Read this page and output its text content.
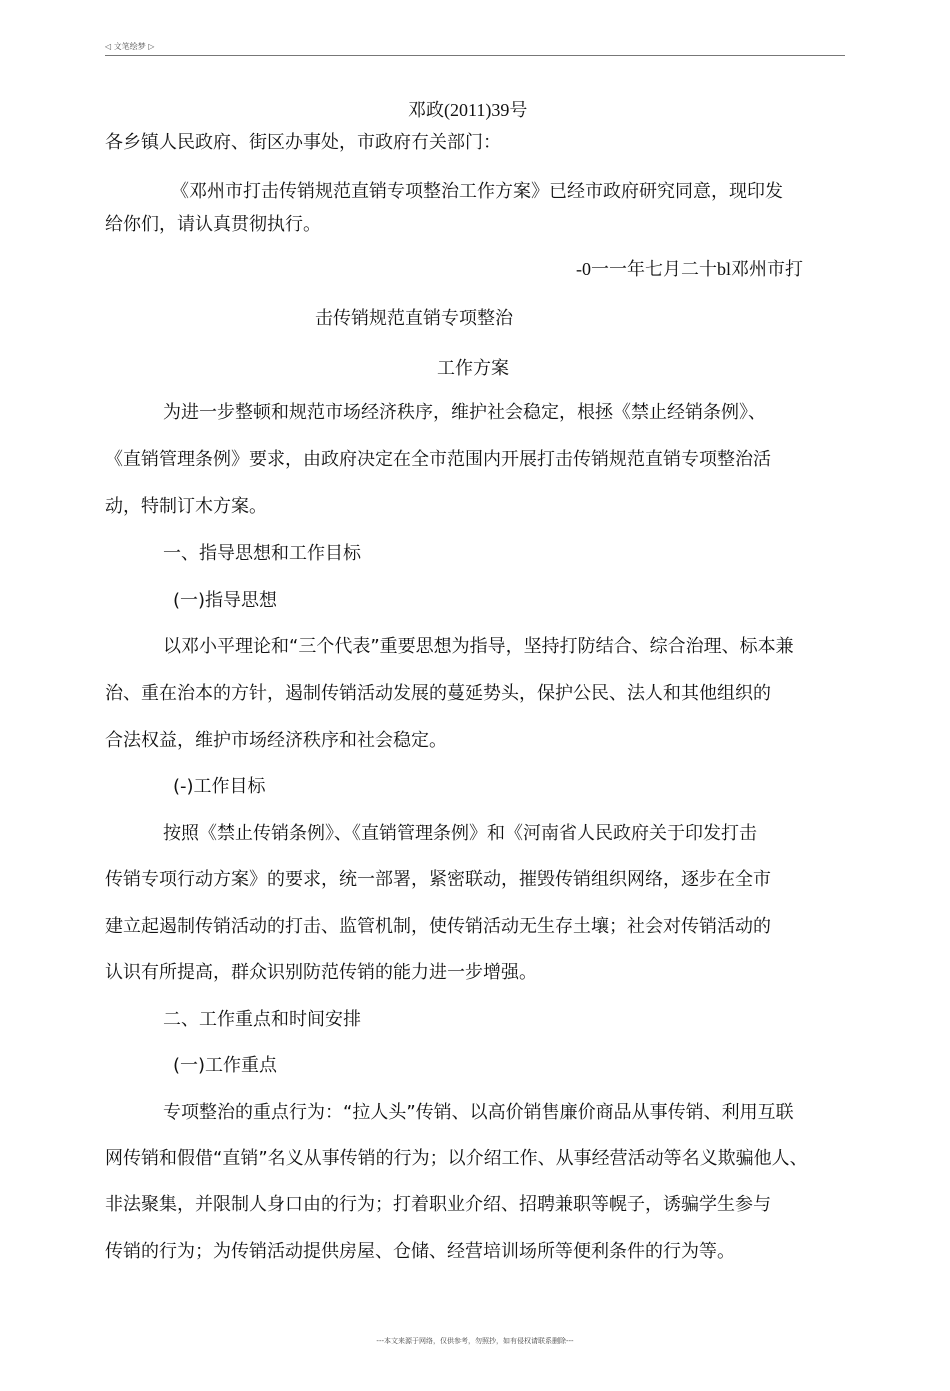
◁ 文笔绘梦 ▷
邓政(2011)39号
各乡镇人民政府、街区办事处，市政府冇关部门：
《邓州市打击传销规范直销专项整治工作方案》已经市政府研究同意，现印发
给你们，请认真贯彻执行。
-0一一年七月二十bl邓州市打
击传销规范直销专项整治
工作方案
为进一步整顿和规范市场经济秩序，维护社会稳定，根拯《禁止经销条例》、
《直销管理条例》要求，由政府决定在全市范围内开展打击传销规范直销专项整治活
动，特制订木方案。
一、指导思想和工作目标
(一)指导思想
以邓小平理论和“三个代表”重要思想为指导，坚持打防结合、综合治理、标本兼
治、重在治本的方针，遏制传销活动发展的蔓延势头，保护公民、法人和其他组织的
合法权益，维护市场经济秩序和社会稳定。
(-)工作目标
按照《禁止传销条例》、《直销管理条例》和《河南省人民政府关于印发打击
传销专项行动方案》的要求，统一部署，紧密联动，摧毁传销组织网络，逐步在全市
建立起遏制传销活动的打击、监管机制，使传销活动无生存土壤；社会对传销活动的
认识有所提高，群众识别防范传销的能力进一步增强。
二、工作重点和时间安排
(一)工作重点
专项整治的重点行为：“拉人头”传销、以高价销售廉价商品从事传销、利用互联
网传销和假借“直销”名义从事传销的行为；以介绍工作、从事经营活动等名义欺骗他人、
非法聚集，并限制人身口由的行为；打着职业介绍、招聘兼职等幌子，诱骗学生参与
传销的行为；为传销活动提供房屋、仓储、经营培训场所等便利条件的行为等。
---本文来源于网络，仅供参考，勿照抄，如有侵权请联系删除---
